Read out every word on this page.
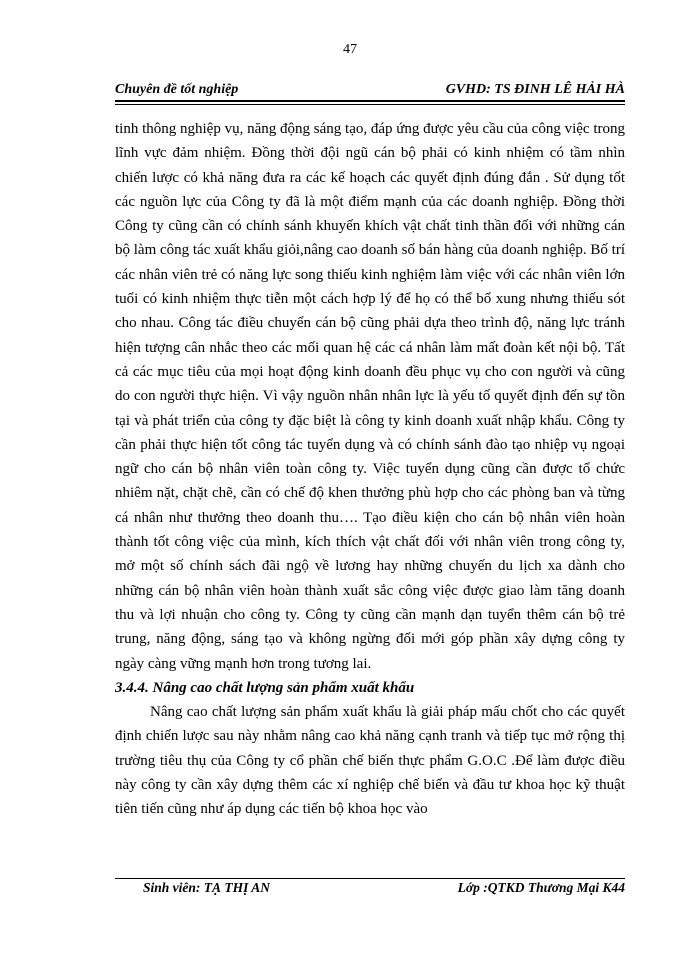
47
Chuyên đề tốt nghiệp	GVHD: TS ĐINH LÊ HẢI HÀ

tinh thông nghiệp vụ, năng động sáng tạo, đáp ứng được yêu cầu của công việc trong lĩnh vực đảm nhiệm. Đồng thời đội ngũ cán bộ phải có kinh nhiệm có tầm nhìn chiến lược có khả năng đưa ra các kế hoạch các quyết định đúng đắn . Sử dụng tốt các nguồn lực của Công ty đã là một điểm mạnh của các doanh nghiệp. Đồng thời Công ty cũng cần có chính sánh khuyến khích vật chất tinh thần đối với những cán bộ làm công tác xuất khẩu giỏi,nâng cao doanh số bán hàng của doanh nghiệp. Bố trí các nhân viên trẻ có năng lực song thiếu kinh nghiệm làm việc với các nhân viên lớn tuổi có kinh nhiệm thực tiễn một cách hợp lý để họ có thể bổ xung nhưng thiếu sót cho nhau. Công tác điều chuyển cán bộ cũng phải dựa theo trình độ, năng lực tránh hiện tượng cân nhắc theo các mối quan hệ các cá nhân làm mất đoàn kết nội bộ. Tất cả các mục tiêu của mọi hoạt động kinh doanh đều phục vụ cho con người và cũng do con người thực hiện. Vì vậy nguồn nhân nhân lực là yếu tố quyết định đến sự tồn tại và phát triển của công ty đặc biệt là công ty kinh doanh xuất nhập khẩu. Công ty cần phải thực hiện tốt công tác tuyển dụng và có chính sánh đào tạo nhiệp vụ ngoại ngữ cho cán bộ nhân viên toàn công ty. Việc tuyển dụng cũng cần được tổ chức nhiêm nặt, chặt chẽ, cần có chế độ khen thưởng phù hợp cho các phòng ban và từng cá nhân như thưởng theo doanh thu…. Tạo điều kiện cho cán bộ nhân viên hoàn thành tốt công việc của mình, kích thích vật chất đối với nhân viên trong công ty, mở một số chính sách đãi ngộ về lương hay những chuyến du lịch xa dành cho những cán bộ nhân viên hoàn thành xuất sắc công việc được giao làm tăng doanh thu và lợi nhuận cho công ty. Công ty cũng cần mạnh dạn tuyển thêm cán bộ trẻ trung, năng động, sáng tạo và không ngừng đổi mới góp phần xây dựng công ty ngày càng vững mạnh hơn trong tương lai.

3.4.4. Nâng cao chất lượng sản phẩm xuất khẩu

Nâng cao chất lượng sản phẩm xuất khẩu là giải pháp mấu chốt cho các quyết định chiến lược sau này nhằm nâng cao khả năng cạnh tranh và tiếp tục mở rộng thị trường tiêu thụ của Công ty cổ phần chế biến thực phẩm G.O.C .Để làm được điều này công ty cần xây dựng thêm các xí nghiệp chế biến và đầu tư khoa học kỹ thuật tiên tiến cũng như áp dụng các tiến bộ khoa học vào

Sinh viên: TẠ THỊ AN	Lớp :QTKD Thương Mại K44
